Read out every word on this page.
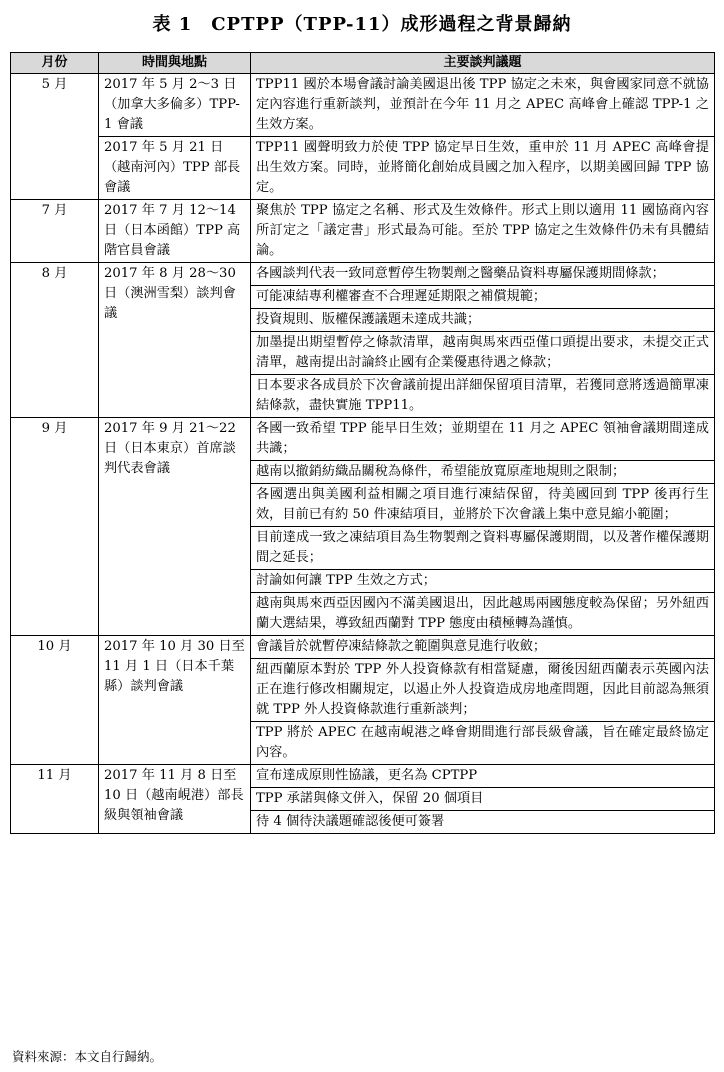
表 1　CPTPP（TPP-11）成形過程之背景歸納
月份	時間與地點	主要談判議題
5 月	2017 年 5 月 2～3 日（加拿大多倫多）TPP-1 會議	TPP11 國於本場會議討論美國退出後 TPP 協定之未來，與會國家同意不就協定內容進行重新談判，並預計在今年 11 月之 APEC 高峰會上確認 TPP-1 之生效方案。
	2017 年 5 月 21 日（越南河內）TPP 部長會議	TPP11 國聲明致力於使 TPP 協定早日生效，重申於 11 月 APEC 高峰會提出生效方案。同時，並將簡化創始成員國之加入程序，以期美國回歸 TPP 協定。
7 月	2017 年 7 月 12～14 日（日本函館）TPP 高階官員會議	聚焦於 TPP 協定之名稱、形式及生效條件。形式上則以適用 11 國協商內容所訂定之「議定書」形式最為可能。至於 TPP 協定之生效條件仍未有具體結論。
8 月	2017 年 8 月 28～30 日（澳洲雪梨）談判會議	各國談判代表一致同意暫停生物製劑之醫藥品資料專屬保護期間條款；
		可能凍結專利權審查不合理遲延期限之補償規範；
		投資規則、版權保護議題未達成共識；
		加墨提出期望暫停之條款清單，越南與馬來西亞僅口頭提出要求，未提交正式清單，越南提出討論終止國有企業優惠待遇之條款；
		日本要求各成員於下次會議前提出詳細保留項目清單，若獲同意將透過簡單凍結條款，盡快實施 TPP11。
9 月	2017 年 9 月 21～22 日（日本東京）首席談判代表會議	各國一致希望 TPP 能早日生效；並期望在 11 月之 APEC 領袖會議期間達成共識；
		越南以撤銷紡織品關稅為條件，希望能放寬原產地規則之限制；
		各國選出與美國利益相關之項目進行凍結保留，待美國回到 TPP 後再行生效，目前已有約 50 件凍結項目，並將於下次會議上集中意見縮小範圍；
		目前達成一致之凍結項目為生物製劑之資料專屬保護期間，以及著作權保護期間之延長；
		討論如何讓 TPP 生效之方式；
		越南與馬來西亞因國內不滿美國退出，因此越馬兩國態度較為保留；另外紐西蘭大選結果，導致紐西蘭對 TPP 態度由積極轉為謹慎。
10 月	2017 年 10 月 30 日至 11 月 1 日（日本千葉縣）談判會議	會議旨於就暫停凍結條款之範圍與意見進行收斂；
		紐西蘭原本對於 TPP 外人投資條款有相當疑慮，爾後因紐西蘭表示英國內法正在進行修改相關規定，以遏止外人投資造成房地產問題，因此目前認為無須就 TPP 外人投資條款進行重新談判；
		TPP 將於 APEC 在越南峴港之峰會期間進行部長級會議，旨在確定最終協定內容。
11 月	2017 年 11 月 8 日至 10 日（越南峴港）部長級與領袖會議	宣布達成原則性協議，更名為 CPTPP
		TPP 承諾與條文併入，保留 20 個項目
		待 4 個待決議題確認後便可簽署
資料來源：本文自行歸納。
